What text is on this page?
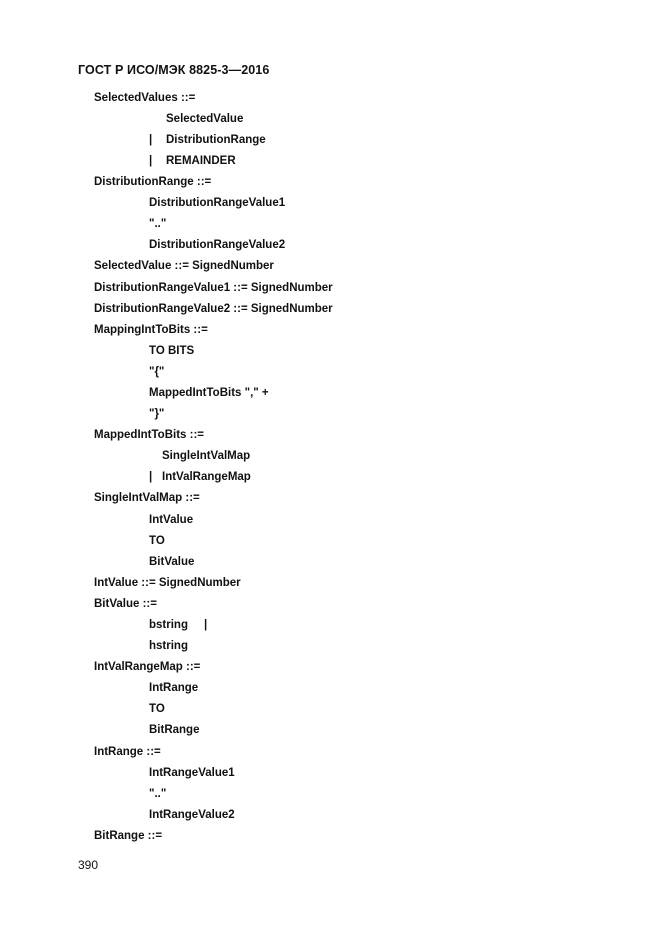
ГОСТ Р ИСО/МЭК 8825-3—2016
SelectedValues ::=
SelectedValue
| DistributionRange
| REMAINDER
DistributionRange ::=
DistributionRangeValue1
".."
DistributionRangeValue2
SelectedValue ::= SignedNumber
DistributionRangeValue1 ::= SignedNumber
DistributionRangeValue2 ::= SignedNumber
MappingIntToBits ::=
TO BITS
"{"
MappedIntToBits "," +
"}"
MappedIntToBits ::=
SingleIntValMap
| IntValRangeMap
SingleIntValMap ::=
IntValue
TO
BitValue
IntValue ::= SignedNumber
BitValue ::=
bstring |
hstring
IntValRangeMap ::=
IntRange
TO
BitRange
IntRange ::=
IntRangeValue1
".."
IntRangeValue2
BitRange ::=
390
